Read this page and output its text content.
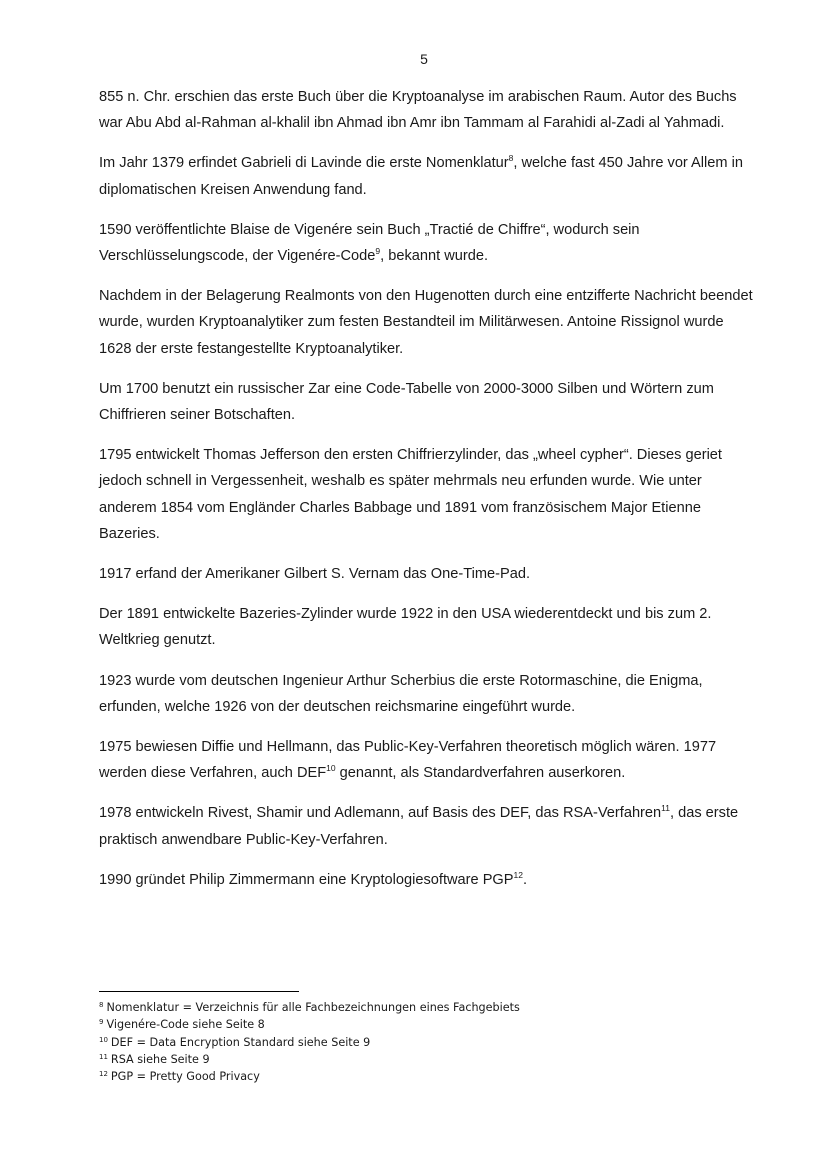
5

855 n. Chr. erschien das erste Buch über die Kryptoanalyse im arabischen Raum. Autor des Buchs war Abu Abd al-Rahman al-khalil ibn Ahmad ibn Amr ibn Tammam al Farahidi al-Zadi al Yahmadi.

Im Jahr 1379 erfindet Gabrieli di Lavinde die erste Nomenklatur$^8$, welche fast 450 Jahre vor Allem in diplomatischen Kreisen Anwendung fand.

1590 veröffentlichte Blaise de Vigenére sein Buch „Tractié de Chiffre“, wodurch sein Verschlüsselungscode, der Vigenére-Code$^9$, bekannt wurde.

Nachdem in der Belagerung Realmonts von den Hugenotten durch eine entzifferte Nachricht beendet wurde, wurden Kryptoanalytiker zum festen Bestandteil im Militärwesen. Antoine Rissignol wurde 1628 der erste festangestellte Kryptoanalytiker.

Um 1700 benutzt ein russischer Zar eine Code-Tabelle von 2000-3000 Silben und Wörtern zum Chiffrieren seiner Botschaften.

1795 entwickelt Thomas Jefferson den ersten Chiffrierzylinder, das „wheel cypher“. Dieses geriet jedoch schnell in Vergessenheit, weshalb es später mehrmals neu erfunden wurde. Wie unter anderem 1854 vom Engländer Charles Babbage und 1891 vom französischem Major Etienne Bazeries.

1917 erfand der Amerikaner Gilbert S. Vernam das One-Time-Pad.

Der 1891 entwickelte Bazeries-Zylinder wurde 1922 in den USA wiederentdeckt und bis zum 2. Weltkrieg genutzt.

1923 wurde vom deutschen Ingenieur Arthur Scherbius die erste Rotormaschine, die Enigma, erfunden, welche 1926 von der deutschen reichsmarine eingeführt wurde.

1975 bewiesen Diffie und Hellmann, das Public-Key-Verfahren theoretisch möglich wären. 1977 werden diese Verfahren, auch DEF$^{10}$ genannt, als Standardverfahren auserkoren.

1978 entwickeln Rivest, Shamir und Adlemann, auf Basis des DEF, das RSA-Verfahren$^{11}$, das erste praktisch anwendbare Public-Key-Verfahren.

1990 gründet Philip Zimmermann eine Kryptologiesoftware PGP$^{12}$.

$^8$ Nomenklatur = Verzeichnis für alle Fachbezeichnungen eines Fachgebiets
$^9$ Vigenére-Code siehe Seite 8
$^{10}$ DEF = Data Encryption Standard siehe Seite 9
$^{11}$ RSA siehe Seite 9
$^{12}$ PGP = Pretty Good Privacy
